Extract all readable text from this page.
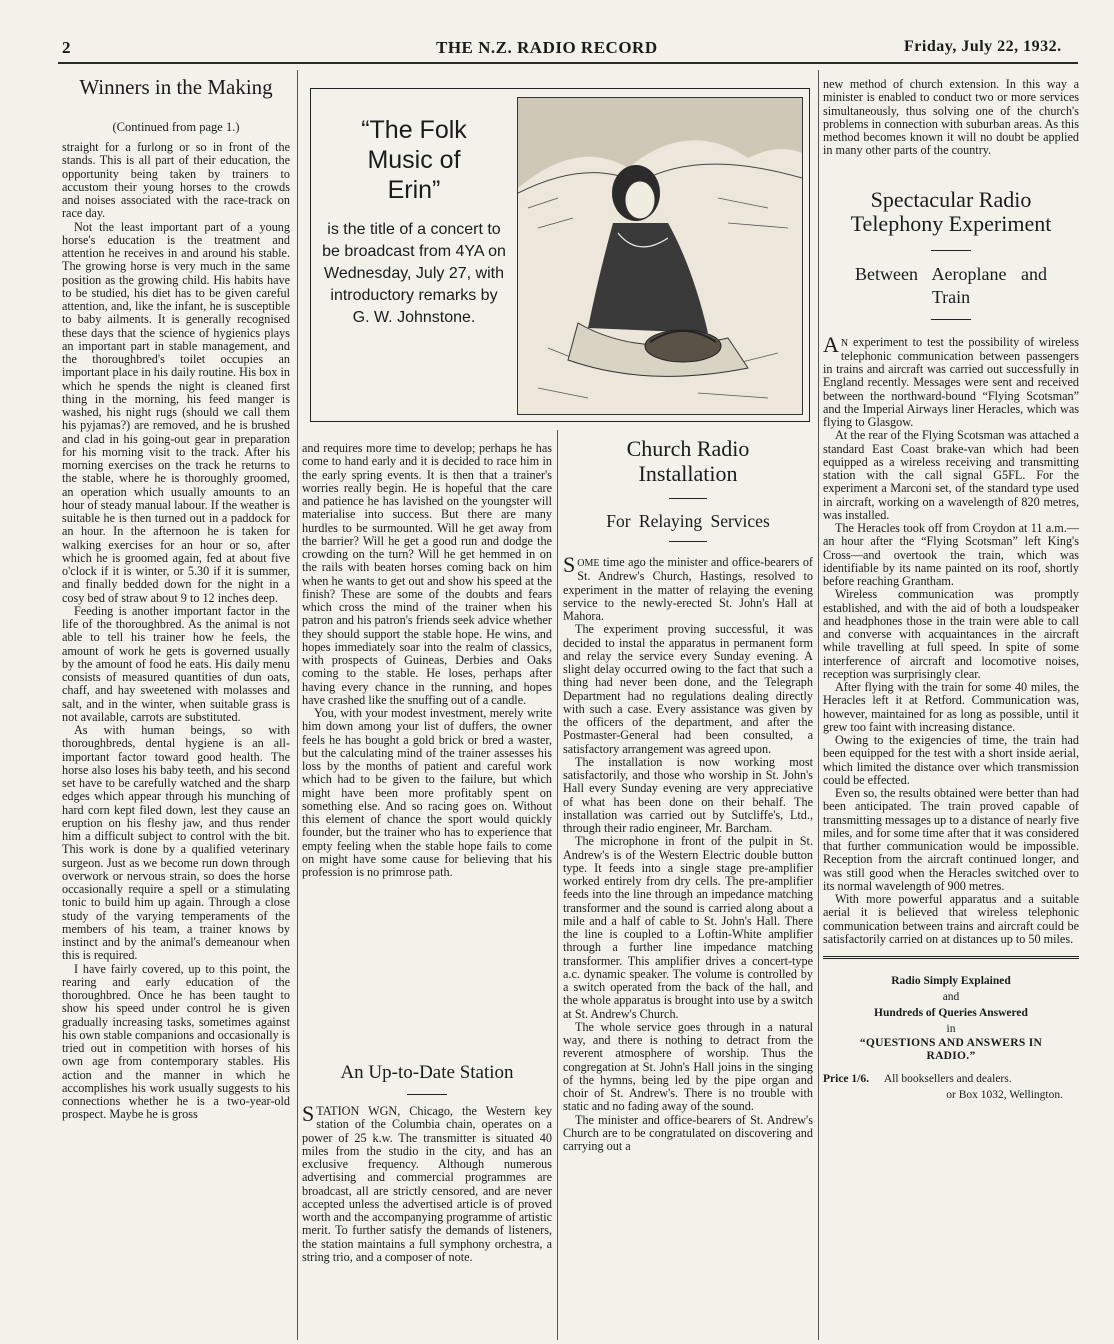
2	THE N.Z. RADIO RECORD	Friday, July 22, 1932.
Winners in the Making
(Continued from page 1.)

straight for a furlong or so in front of the stands. This is all part of their education, the opportunity being taken by trainers to accustom their young horses to the crowds and noises associated with the race-track on race day.

Not the least important part of a young horse's education is the treatment and attention he receives in and around his stable. The growing horse is very much in the same position as the growing child. His habits have to be studied, his diet has to be given careful attention, and, like the infant, he is susceptible to baby ailments. It is generally recognised these days that the science of hygienics plays an important part in stable management, and the thoroughbred's toilet occupies an important place in his daily routine. His box in which he spends the night is cleaned first thing in the morning, his feed manger is washed, his night rugs (should we call them his pyjamas?) are removed, and he is brushed and clad in his going-out gear in preparation for his morning visit to the track. After his morning exercises on the track he returns to the stable, where he is thoroughly groomed, an operation which usually amounts to an hour of steady manual labour. If the weather is suitable he is then turned out in a paddock for an hour. In the afternoon he is taken for walking exercises for an hour or so, after which he is groomed again, fed at about five o'clock if it is winter, or 5.30 if it is summer, and finally bedded down for the night in a cosy bed of straw about 9 to 12 inches deep.

Feeding is another important factor in the life of the thoroughbred. As the animal is not able to tell his trainer how he feels, the amount of work he gets is governed usually by the amount of food he eats. His daily menu consists of measured quantities of dun oats, chaff, and hay sweetened with molasses and salt, and in the winter, when suitable grass is not available, carrots are substituted.

As with human beings, so with thoroughbreds, dental hygiene is an all-important factor toward good health. The horse also loses his baby teeth, and his second set have to be carefully watched and the sharp edges which appear through his munching of hard corn kept filed down, lest they cause an eruption on his fleshy jaw, and thus render him a difficult subject to control with the bit. This work is done by a qualified veterinary surgeon. Just as we become run down through overwork or nervous strain, so does the horse occasionally require a spell or a stimulating tonic to build him up again. Through a close study of the varying temperaments of the members of his team, a trainer knows by instinct and by the animal's demeanour when this is required.

I have fairly covered, up to this point, the rearing and early education of the thoroughbred. Once he has been taught to show his speed under control he is given gradually increasing tasks, sometimes against his own stable companions and occasionally is tried out in competition with horses of his own age from contemporary stables. His action and the manner in which he accomplishes his work usually suggests to his connections whether he is a two-year-old prospect. Maybe he is gross

“The Folk Music of Erin”
is the title of a concert to be broadcast from 4YA on Wednesday, July 27, with introductory remarks by G. W. Johnstone.

and requires more time to develop; perhaps he has come to hand early and it is decided to race him in the early spring events. It is then that a trainer's worries really begin. He is hopeful that the care and patience he has lavished on the youngster will materialise into success. But there are many hurdles to be surmounted. Will he get away from the barrier? Will he get a good run and dodge the crowding on the turn? Will he get hemmed in on the rails with beaten horses coming back on him when he wants to get out and show his speed at the finish? These are some of the doubts and fears which cross the mind of the trainer when his patron and his patron's friends seek advice whether they should support the stable hope. He wins, and hopes immediately soar into the realm of classics, with prospects of Guineas, Derbies and Oaks coming to the stable. He loses, perhaps after having every chance in the running, and hopes have crashed like the snuffing out of a candle.

You, with your modest investment, merely write him down among your list of duffers, the owner feels he has bought a gold brick or bred a waster, but the calculating mind of the trainer assesses his loss by the months of patient and careful work which had to be given to the failure, but which might have been more profitably spent on something else. And so racing goes on. Without this element of chance the sport would quickly founder, but the trainer who has to experience that empty feeling when the stable hope fails to come on might have some cause for believing that his profession is no primrose path.

An Up-to-Date Station
STATION WGN, Chicago, the Western key station of the Columbia chain, operates on a power of 25 k.w. The transmitter is situated 40 miles from the studio in the city, and has an exclusive frequency. Although numerous advertising and commercial programmes are broadcast, all are strictly censored, and are never accepted unless the advertised article is of proved worth and the accompanying programme of artistic merit. To further satisfy the demands of listeners, the station maintains a full symphony orchestra, a string trio, and a composer of note.
Church Radio Installation
For Relaying Services

SOME time ago the minister and office-bearers of St. Andrew's Church, Hastings, resolved to experiment in the matter of relaying the evening service to the newly-erected St. John's Hall at Mahora.

The experiment proving successful, it was decided to instal the apparatus in permanent form and relay the service every Sunday evening. A slight delay occurred owing to the fact that such a thing had never been done, and the Telegraph Department had no regulations dealing directly with such a case. Every assistance was given by the officers of the department, and after the Postmaster-General had been consulted, a satisfactory arrangement was agreed upon.

The installation is now working most satisfactorily, and those who worship in St. John's Hall every Sunday evening are very appreciative of what has been done on their behalf. The installation was carried out by Sutcliffe's, Ltd., through their radio engineer, Mr. Barcham.

The microphone in front of the pulpit in St. Andrew's is of the Western Electric double button type. It feeds into a single stage pre-amplifier worked entirely from dry cells. The pre-amplifier feeds into the line through an impedance matching transformer and the sound is carried along about a mile and a half of cable to St. John's Hall. There the line is coupled to a Loftin-White amplifier through a further line impedance matching transformer. This amplifier drives a concert-type a.c. dynamic speaker. The volume is controlled by a switch operated from the back of the hall, and the whole apparatus is brought into use by a switch at St. Andrew's Church.

The whole service goes through in a natural way, and there is nothing to detract from the reverent atmosphere of worship. Thus the congregation at St. John's Hall joins in the singing of the hymns, being led by the pipe organ and choir of St. Andrew's. There is no trouble with static and no fading away of the sound.

The minister and office-bearers of St. Andrew's Church are to be congratulated on discovering and carrying out a

new method of church extension. In this way a minister is enabled to conduct two or more services simultaneously, thus solving one of the church's problems in connection with suburban areas. As this method becomes known it will no doubt be applied in many other parts of the country.
Spectacular Radio Telephony Experiment
Between Aeroplane and Train

A N experiment to test the possibility of wireless telephonic communication between passengers in trains and aircraft was carried out successfully in England recently. Messages were sent and received between the northward-bound “Flying Scotsman” and the Imperial Airways liner Heracles, which was flying to Glasgow.

At the rear of the Flying Scotsman was attached a standard East Coast brake-van which had been equipped as a wireless receiving and transmitting station with the call signal G5FL. For the experiment a Marconi set, of the standard type used in aircraft, working on a wavelength of 820 metres, was installed.

The Heracles took off from Croydon at 11 a.m.—an hour after the “Flying Scotsman” left King's Cross—and overtook the train, which was identifiable by its name painted on its roof, shortly before reaching Grantham.

Wireless communication was promptly established, and with the aid of both a loudspeaker and headphones those in the train were able to call and converse with acquaintances in the aircraft while travelling at full speed. In spite of some interference of aircraft and locomotive noises, reception was surprisingly clear.

After flying with the train for some 40 miles, the Heracles left it at Retford. Communication was, however, maintained for as long as possible, until it grew too faint with increasing distance.

Owing to the exigencies of time, the train had been equipped for the test with a short inside aerial, which limited the distance over which transmission could be effected.

Even so, the results obtained were better than had been anticipated. The train proved capable of transmitting messages up to a distance of nearly five miles, and for some time after that it was considered that further communication would be impossible. Reception from the aircraft continued longer, and was still good when the Heracles switched over to its normal wavelength of 900 metres.

With more powerful apparatus and a suitable aerial it is believed that wireless telephonic communication between trains and aircraft could be satisfactorily carried on at distances up to 50 miles.

Radio Simply Explained
and
Hundreds of Queries Answered
in
“QUESTIONS AND ANSWERS IN RADIO.”
Price 1/6. All booksellers and dealers.
or Box 1032, Wellington.
